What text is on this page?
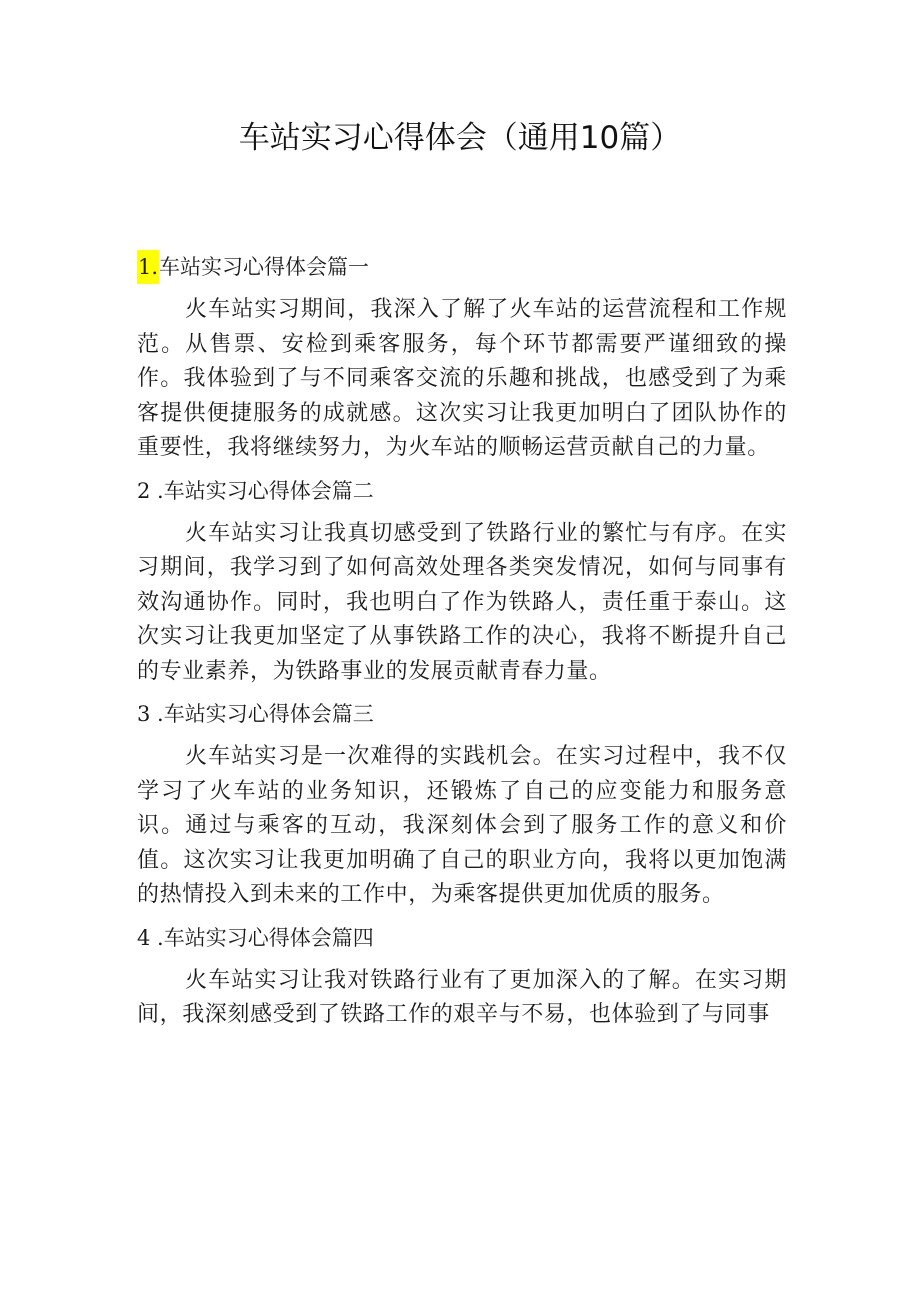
车站实习心得体会（通用10篇）
1.车站实习心得体会篇一

火车站实习期间，我深入了解了火车站的运营流程和工作规范。从售票、安检到乘客服务，每个环节都需要严谨细致的操作。我体验到了与不同乘客交流的乐趣和挑战，也感受到了为乘客提供便捷服务的成就感。这次实习让我更加明白了团队协作的重要性，我将继续努力，为火车站的顺畅运营贡献自己的力量。

2 .车站实习心得体会篇二

火车站实习让我真切感受到了铁路行业的繁忙与有序。在实习期间，我学习到了如何高效处理各类突发情况，如何与同事有效沟通协作。同时，我也明白了作为铁路人，责任重于泰山。这次实习让我更加坚定了从事铁路工作的决心，我将不断提升自己的专业素养，为铁路事业的发展贡献青春力量。

3 .车站实习心得体会篇三

火车站实习是一次难得的实践机会。在实习过程中，我不仅学习了火车站的业务知识，还锻炼了自己的应变能力和服务意识。通过与乘客的互动，我深刻体会到了服务工作的意义和价值。这次实习让我更加明确了自己的职业方向，我将以更加饱满的热情投入到未来的工作中，为乘客提供更加优质的服务。

4 .车站实习心得体会篇四

火车站实习让我对铁路行业有了更加深入的了解。在实习期间，我深刻感受到了铁路工作的艰辛与不易，也体验到了与同事
